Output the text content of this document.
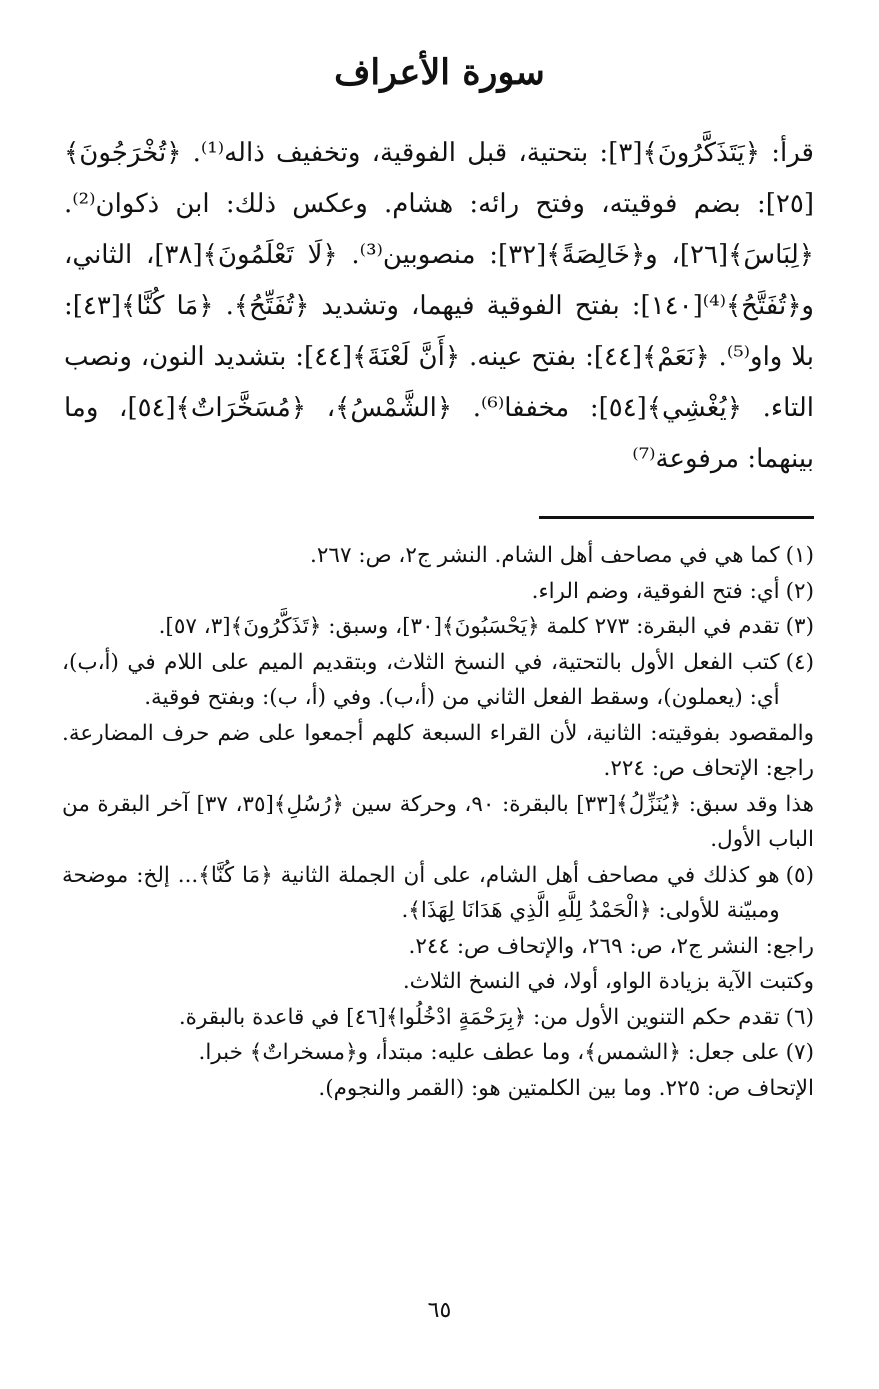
سورة الأعراف

قرأ: ﴿يَتَذَكَّرُونَ﴾[٣]: بتحتية، قبل الفوقية، وتخفيف ذاله⁽¹⁾. ﴿تُخْرَجُونَ﴾[٢٥]: بضم فوقيته، وفتح رائه: هشام. وعكس ذلك: ابن ذكوان⁽²⁾. ﴿لِبَاسَ﴾[٢٦]، و﴿خَالِصَةً﴾[٣٢]: منصوبين⁽³⁾. ﴿لَا تَعْلَمُونَ﴾[٣٨]، الثاني، و﴿تُفَتَّحُ﴾⁽⁴⁾[١٤٠]: بفتح الفوقية فيهما، وتشديد ﴿تُفَتِّحُ﴾. ﴿مَا كُنَّا﴾[٤٣]: بلا واو⁽⁵⁾. ﴿نَعَمْ﴾[٤٤]: بفتح عينه. ﴿أَنَّ لَعْنَةَ﴾[٤٤]: بتشديد النون، ونصب التاء. ﴿يُغْشِي﴾[٥٤]: مخففا⁽⁶⁾. ﴿الشَّمْسُ﴾، ﴿مُسَخَّرَاتٌ﴾[٥٤]، وما بينهما: مرفوعة⁽⁷⁾

(١)
كما هي في مصاحف أهل الشام. النشر ج٢، ص: ٢٦٧.
(٢)
أي: فتح الفوقية، وضم الراء.
(٣)
تقدم في البقرة: ٢٧٣ كلمة ﴿يَحْسَبُونَ﴾[٣٠]، وسبق: ﴿تَذَكَّرُونَ﴾[٣، ٥٧].
(٤)
كتب الفعل الأول بالتحتية، في النسخ الثلاث، وبتقديم الميم على اللام في (أ،ب)، أي: (يعملون)، وسقط الفعل الثاني من (أ،ب). وفي (أ، ب): وبفتح فوقية.

والمقصود بفوقيته: الثانية، لأن القراء السبعة كلهم أجمعوا على ضم حرف المضارعة. راجع: الإتحاف ص: ٢٢٤.

هذا وقد سبق: ﴿يُنَزِّلُ﴾[٣٣] بالبقرة: ٩٠، وحركة سين ﴿رُسُلِ﴾[٣٥، ٣٧] آخر البقرة من الباب الأول.

(٥)
هو كذلك في مصاحف أهل الشام، على أن الجملة الثانية ﴿مَا كُنَّا﴾... إلخ: موضحة ومبيّنة للأولى: ﴿الْحَمْدُ لِلَّهِ الَّذِي هَدَانَا لِهَذَا﴾.

راجع: النشر ج٢، ص: ٢٦٩، والإتحاف ص: ٢٤٤.

وكتبت الآية بزيادة الواو، أولا، في النسخ الثلاث.

(٦)
تقدم حكم التنوين الأول من: ﴿بِرَحْمَةٍ ادْخُلُوا﴾[٤٦] في قاعدة بالبقرة.
(٧)
على جعل: ﴿الشمس﴾، وما عطف عليه: مبتدأ، و﴿مسخراتٌ﴾ خبرا.

الإتحاف ص: ٢٢٥. وما بين الكلمتين هو: (القمر والنجوم).

٦٥
